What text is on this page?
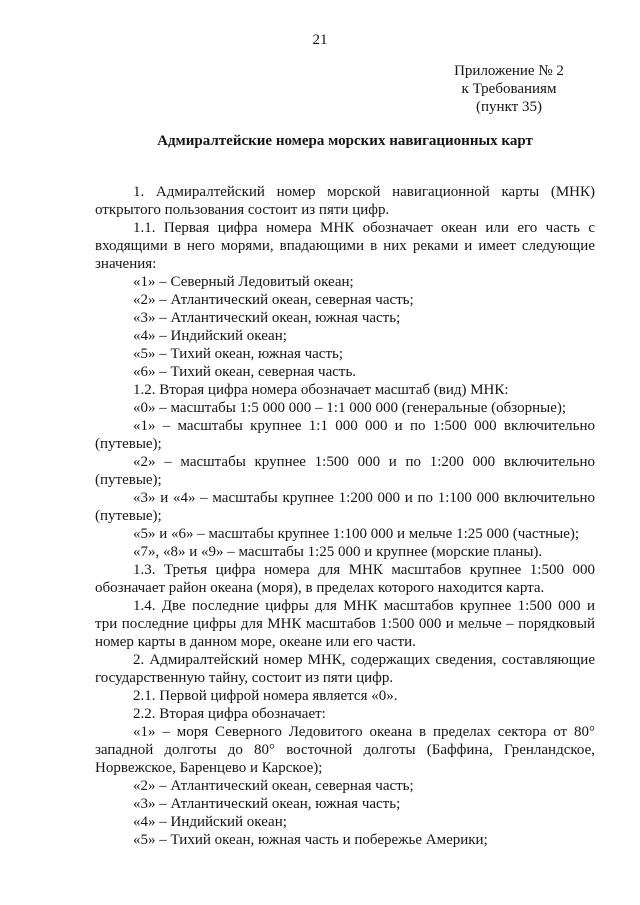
21
Приложение № 2
к Требованиям
(пункт 35)
Адмиралтейские номера морских навигационных карт

1. Адмиралтейский номер морской навигационной карты (МНК) открытого пользования состоит из пяти цифр.

1.1. Первая цифра номера МНК обозначает океан или его часть с входящими в него морями, впадающими в них реками и имеет следующие значения:

«1» – Северный Ледовитый океан;

«2» – Атлантический океан, северная часть;

«3» – Атлантический океан, южная часть;

«4» – Индийский океан;

«5» – Тихий океан, южная часть;

«6» – Тихий океан, северная часть.

1.2. Вторая цифра номера обозначает масштаб (вид) МНК:

«0» – масштабы 1:5 000 000 – 1:1 000 000 (генеральные (обзорные);

«1» – масштабы крупнее 1:1 000 000 и по 1:500 000 включительно (путевые);

«2» – масштабы крупнее 1:500 000 и по 1:200 000 включительно (путевые);

«3» и «4» – масштабы крупнее 1:200 000 и по 1:100 000 включительно (путевые);

«5» и «6» – масштабы крупнее 1:100 000 и мельче 1:25 000 (частные);

«7», «8» и «9» – масштабы 1:25 000 и крупнее (морские планы).

1.3. Третья цифра номера для МНК масштабов крупнее 1:500 000 обозначает район океана (моря), в пределах которого находится карта.

1.4. Две последние цифры для МНК масштабов крупнее 1:500 000 и три последние цифры для МНК масштабов 1:500 000 и мельче – порядковый номер карты в данном море, океане или его части.

2. Адмиралтейский номер МНК, содержащих сведения, составляющие государственную тайну, состоит из пяти цифр.

2.1. Первой цифрой номера является «0».

2.2. Вторая цифра обозначает:

«1» – моря Северного Ледовитого океана в пределах сектора от 80° западной долготы до 80° восточной долготы (Баффина, Гренландское, Норвежское, Баренцево и Карское);

«2» – Атлантический океан, северная часть;

«3» – Атлантический океан, южная часть;

«4» – Индийский океан;

«5» – Тихий океан, южная часть и побережье Америки;
